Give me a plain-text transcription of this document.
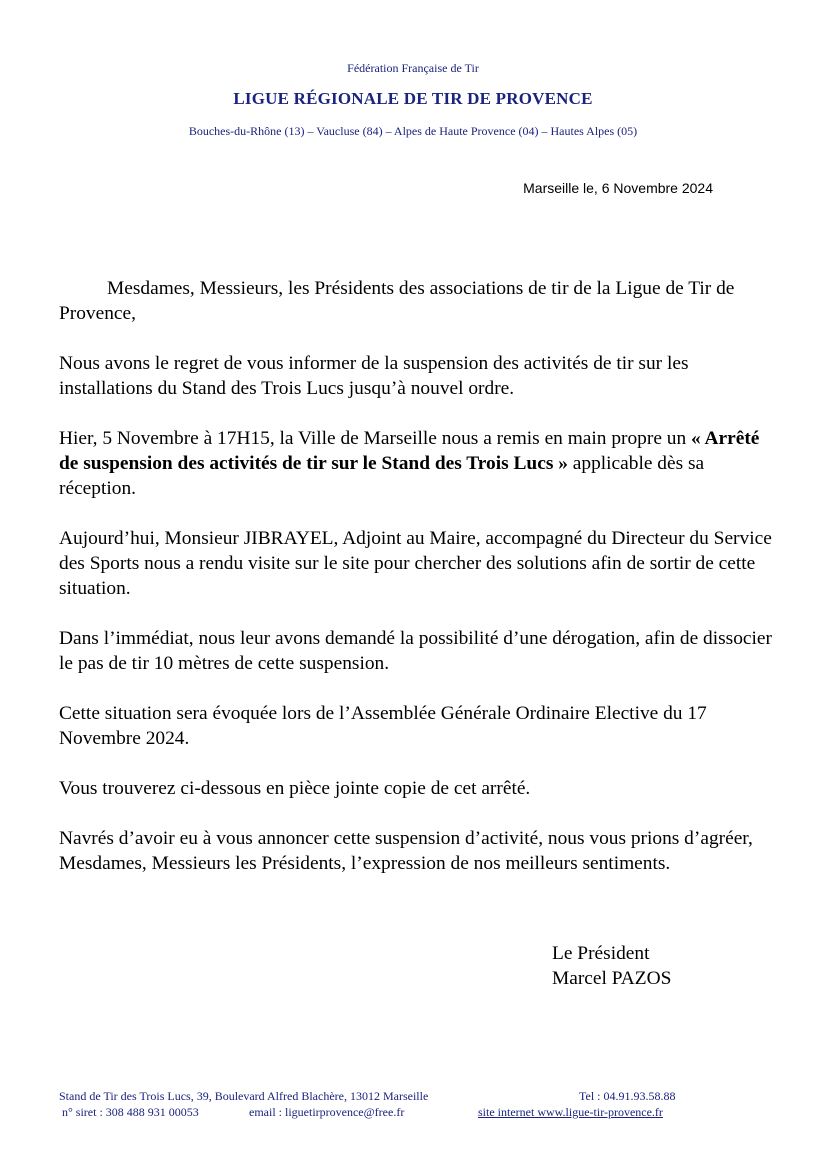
Fédération Française de Tir
LIGUE RÉGIONALE DE TIR DE PROVENCE
Bouches-du-Rhône (13) – Vaucluse (84) – Alpes de Haute Provence (04) – Hautes Alpes (05)
Marseille le, 6 Novembre 2024

Mesdames, Messieurs, les Présidents des associations de tir de la Ligue de Tir de Provence,

Nous avons le regret de vous informer de la suspension des activités de tir sur les installations du Stand des Trois Lucs jusqu’à nouvel ordre.

Hier, 5 Novembre à 17H15, la Ville de Marseille nous a remis en main propre un « Arrêté de suspension des activités de tir sur le Stand des Trois Lucs » applicable dès sa réception.

Aujourd’hui, Monsieur JIBRAYEL, Adjoint au Maire, accompagné du Directeur du Service des Sports nous a rendu visite sur le site pour chercher des solutions afin de sortir de cette situation.

Dans l’immédiat, nous leur avons demandé la possibilité d’une dérogation, afin de dissocier le pas de tir 10 mètres de cette suspension.

Cette situation sera évoquée lors de l’Assemblée Générale Ordinaire Elective du 17 Novembre 2024.

Vous trouverez ci-dessous en pièce jointe copie de cet arrêté.

Navrés d’avoir eu à vous annoncer cette suspension d’activité, nous vous prions d’agréer, Mesdames, Messieurs les Présidents, l’expression de nos meilleurs sentiments.

Le Président
Marcel PAZOS
Stand de Tir des Trois Lucs, 39, Boulevard Alfred Blachère, 13012 Marseille	Tel : 04.91.93.58.88
n° siret : 308 488 931 00053	email : liguetirprovence@free.fr	site internet www.ligue-tir-provence.fr
